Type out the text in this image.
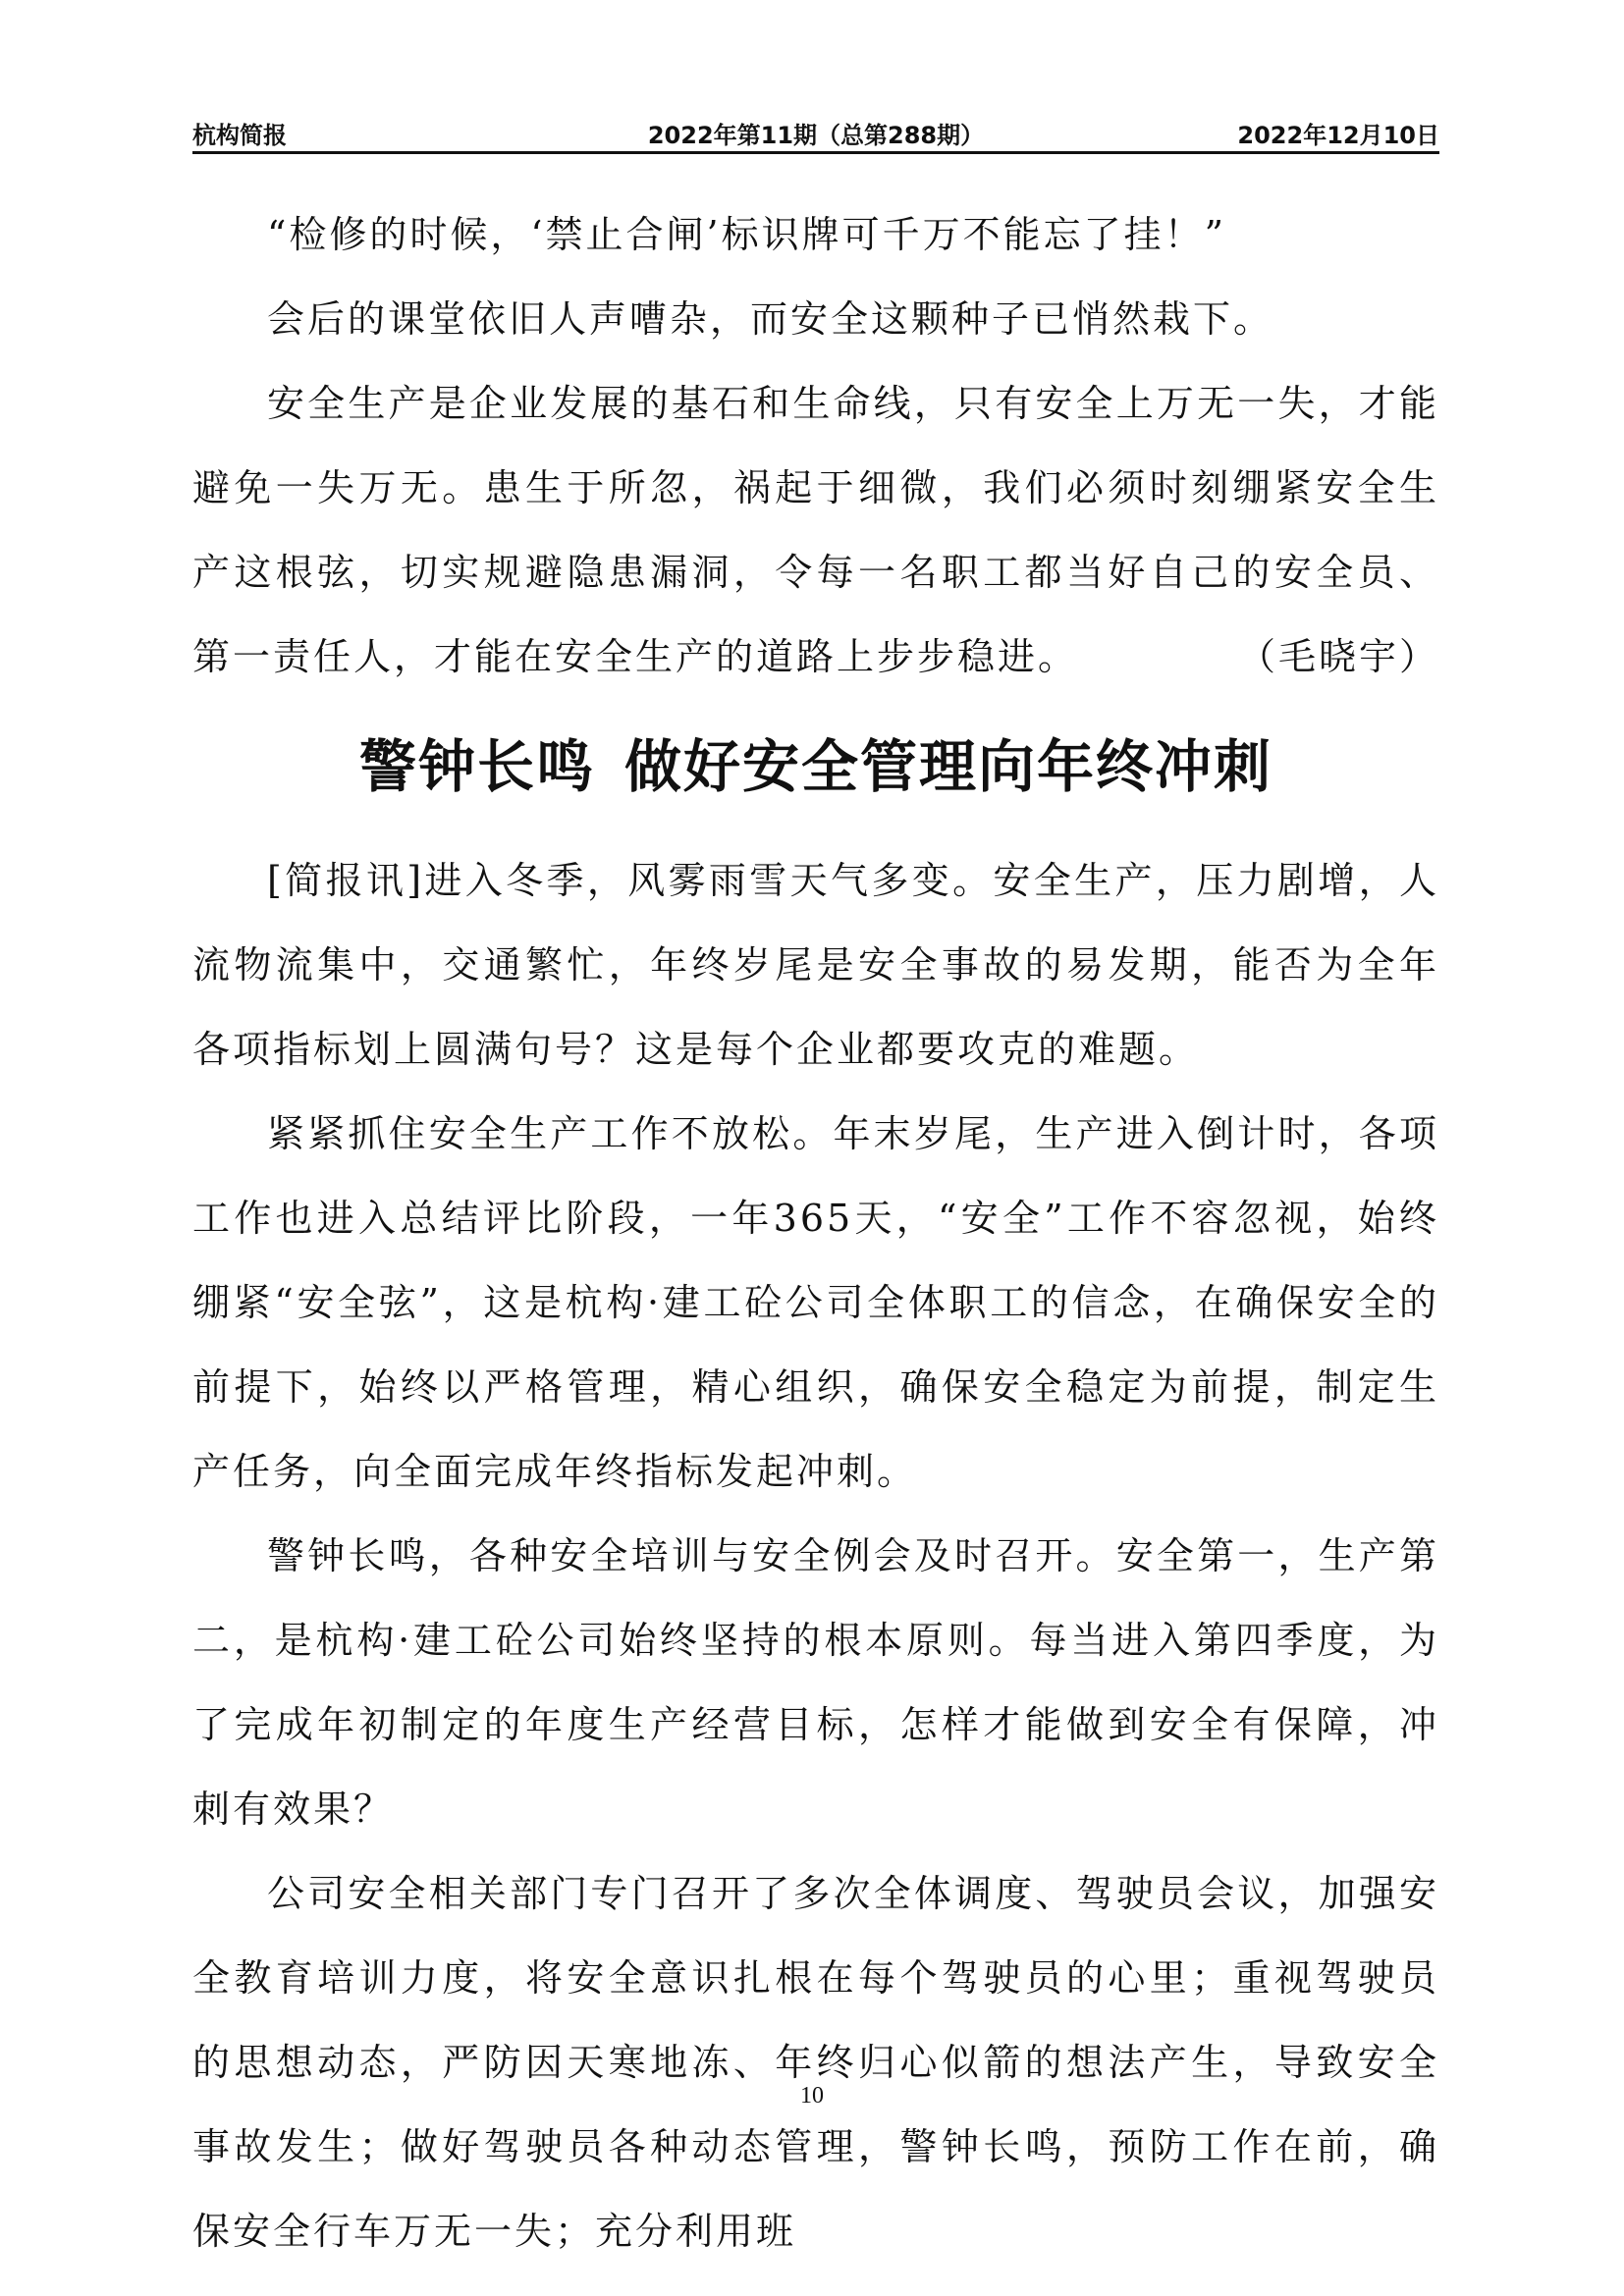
杭构简报	2022年第11期（总第288期）	2022年12月10日

“检修的时候，‘禁止合闸’标识牌可千万不能忘了挂！”

会后的课堂依旧人声嘈杂，而安全这颗种子已悄然栽下。

安全生产是企业发展的基石和生命线，只有安全上万无一失，才能避免一失万无。患生于所忽，祸起于细微，我们必须时刻绷紧安全生产这根弦，切实规避隐患漏洞，令每一名职工都当好自己的安全员、第一责任人，才能在安全生产的道路上步步稳进。	（毛晓宇）

警钟长鸣 做好安全管理向年终冲刺

[简报讯]进入冬季，风雾雨雪天气多变。安全生产，压力剧增，人流物流集中，交通繁忙，年终岁尾是安全事故的易发期，能否为全年各项指标划上圆满句号？这是每个企业都要攻克的难题。

紧紧抓住安全生产工作不放松。年末岁尾，生产进入倒计时，各项工作也进入总结评比阶段，一年365天，“安全”工作不容忽视，始终绷紧“安全弦”，这是杭构·建工砼公司全体职工的信念，在确保安全的前提下，始终以严格管理，精心组织，确保安全稳定为前提，制定生产任务，向全面完成年终指标发起冲刺。

警钟长鸣，各种安全培训与安全例会及时召开。安全第一，生产第二，是杭构·建工砼公司始终坚持的根本原则。每当进入第四季度，为了完成年初制定的年度生产经营目标，怎样才能做到安全有保障，冲刺有效果？

公司安全相关部门专门召开了多次全体调度、驾驶员会议，加强安全教育培训力度，将安全意识扎根在每个驾驶员的心里；重视驾驶员的思想动态，严防因天寒地冻、年终归心似箭的想法产生，导致安全事故发生；做好驾驶员各种动态管理，警钟长鸣，预防工作在前，确保安全行车万无一失；充分利用班

10
